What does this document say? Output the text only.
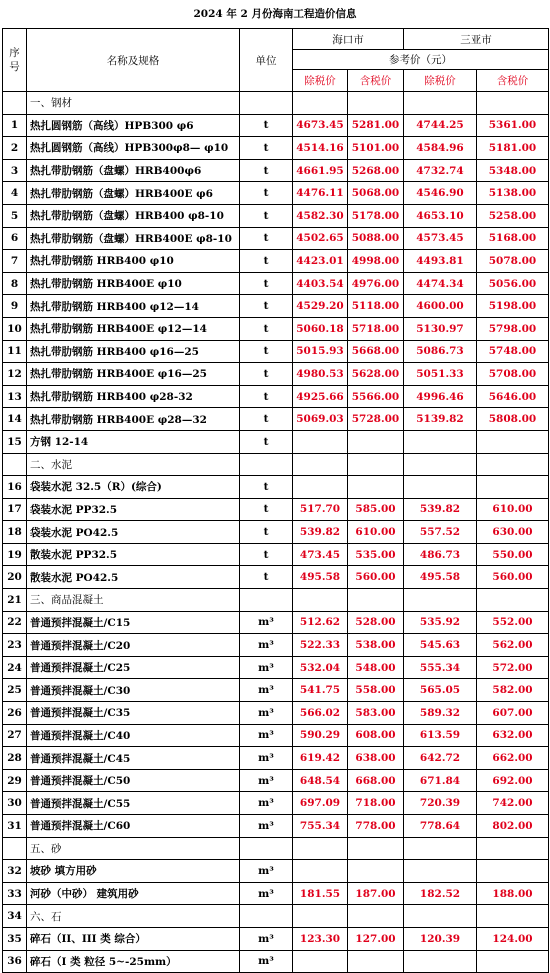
2024 年 2 月份海南工程造价信息
序号	名称及规格	单位	海口市		三亚市	
			参考价（元）			
			除税价	含税价	除税价	含税价
	一、钢材					
1	热扎圆钢筋（高线）HPB300 φ6	t	4673.45	5281.00	4744.25	5361.00
2	热扎圆钢筋（高线）HPB300φ8— φ10	t	4514.16	5101.00	4584.96	5181.00
3	热扎带肋钢筋（盘螺）HRB400φ6	t	4661.95	5268.00	4732.74	5348.00
4	热扎带肋钢筋（盘螺）HRB400E φ6	t	4476.11	5068.00	4546.90	5138.00
5	热扎带肋钢筋（盘螺）HRB400 φ8-10	t	4582.30	5178.00	4653.10	5258.00
6	热扎带肋钢筋（盘螺）HRB400E φ8-10	t	4502.65	5088.00	4573.45	5168.00
7	热扎带肋钢筋 HRB400 φ10	t	4423.01	4998.00	4493.81	5078.00
8	热扎带肋钢筋 HRB400E φ10	t	4403.54	4976.00	4474.34	5056.00
9	热扎带肋钢筋 HRB400 φ12—14	t	4529.20	5118.00	4600.00	5198.00
10	热扎带肋钢筋 HRB400E φ12—14	t	5060.18	5718.00	5130.97	5798.00
11	热扎带肋钢筋 HRB400 φ16—25	t	5015.93	5668.00	5086.73	5748.00
12	热扎带肋钢筋 HRB400E φ16—25	t	4980.53	5628.00	5051.33	5708.00
13	热扎带肋钢筋 HRB400 φ28-32	t	4925.66	5566.00	4996.46	5646.00
14	热扎带肋钢筋 HRB400E φ28—32	t	5069.03	5728.00	5139.82	5808.00
15	方钢 12-14	t				
	二、水泥					
16	袋装水泥 32.5（R）(综合)	t				
17	袋装水泥 PP32.5	t	517.70	585.00	539.82	610.00
18	袋装水泥 PO42.5	t	539.82	610.00	557.52	630.00
19	散装水泥 PP32.5	t	473.45	535.00	486.73	550.00
20	散装水泥 PO42.5	t	495.58	560.00	495.58	560.00
21	三、商品混凝土					
22	普通预拌混凝土/C15	m³	512.62	528.00	535.92	552.00
23	普通预拌混凝土/C20	m³	522.33	538.00	545.63	562.00
24	普通预拌混凝土/C25	m³	532.04	548.00	555.34	572.00
25	普通预拌混凝土/C30	m³	541.75	558.00	565.05	582.00
26	普通预拌混凝土/C35	m³	566.02	583.00	589.32	607.00
27	普通预拌混凝土/C40	m³	590.29	608.00	613.59	632.00
28	普通预拌混凝土/C45	m³	619.42	638.00	642.72	662.00
29	普通预拌混凝土/C50	m³	648.54	668.00	671.84	692.00
30	普通预拌混凝土/C55	m³	697.09	718.00	720.39	742.00
31	普通预拌混凝土/C60	m³	755.34	778.00	778.64	802.00
	五、砂					
32	坡砂 填方用砂	m³				
33	河砂（中砂） 建筑用砂	m³	181.55	187.00	182.52	188.00
34	六、石					
35	碎石（II、III 类 综合）	m³	123.30	127.00	120.39	124.00
36	碎石（I 类 粒径 5~-25mm）	m³				
